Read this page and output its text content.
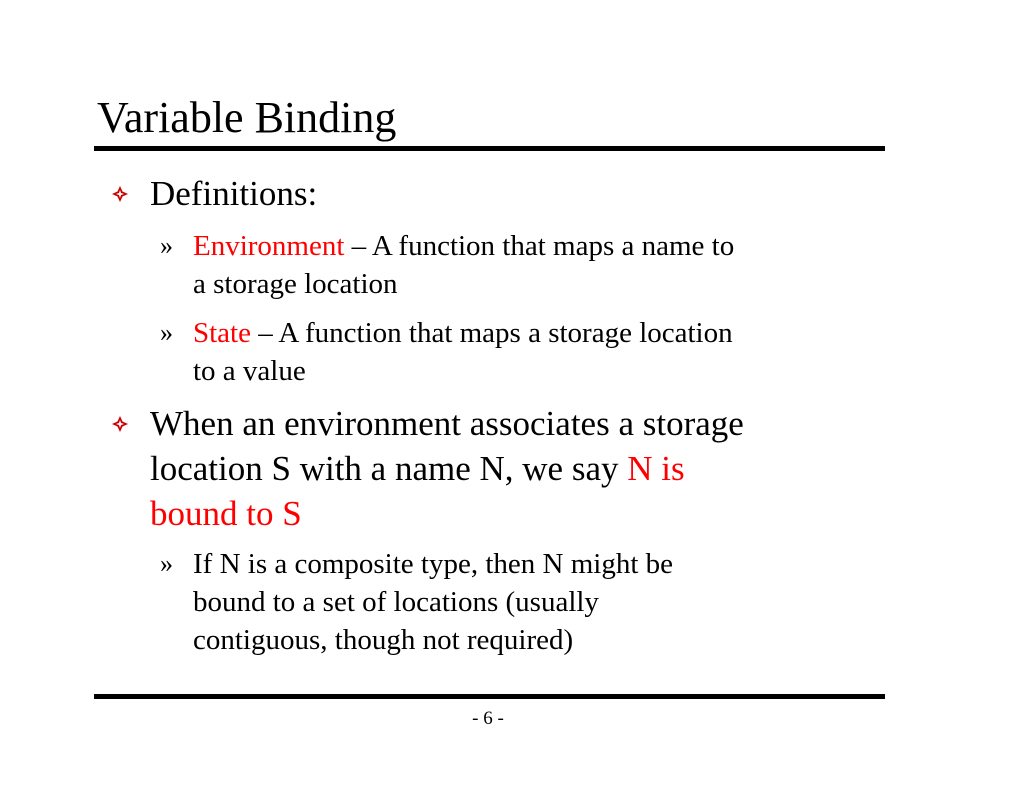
Variable Binding
Definitions:
» Environment – A function that maps a name to
a storage location
» State – A function that maps a storage location
to a value
When an environment associates a storage
location S with a name N, we say N is
bound to S
» If N is a composite type, then N might be
bound to a set of locations (usually
contiguous, though not required)
- 6 -
